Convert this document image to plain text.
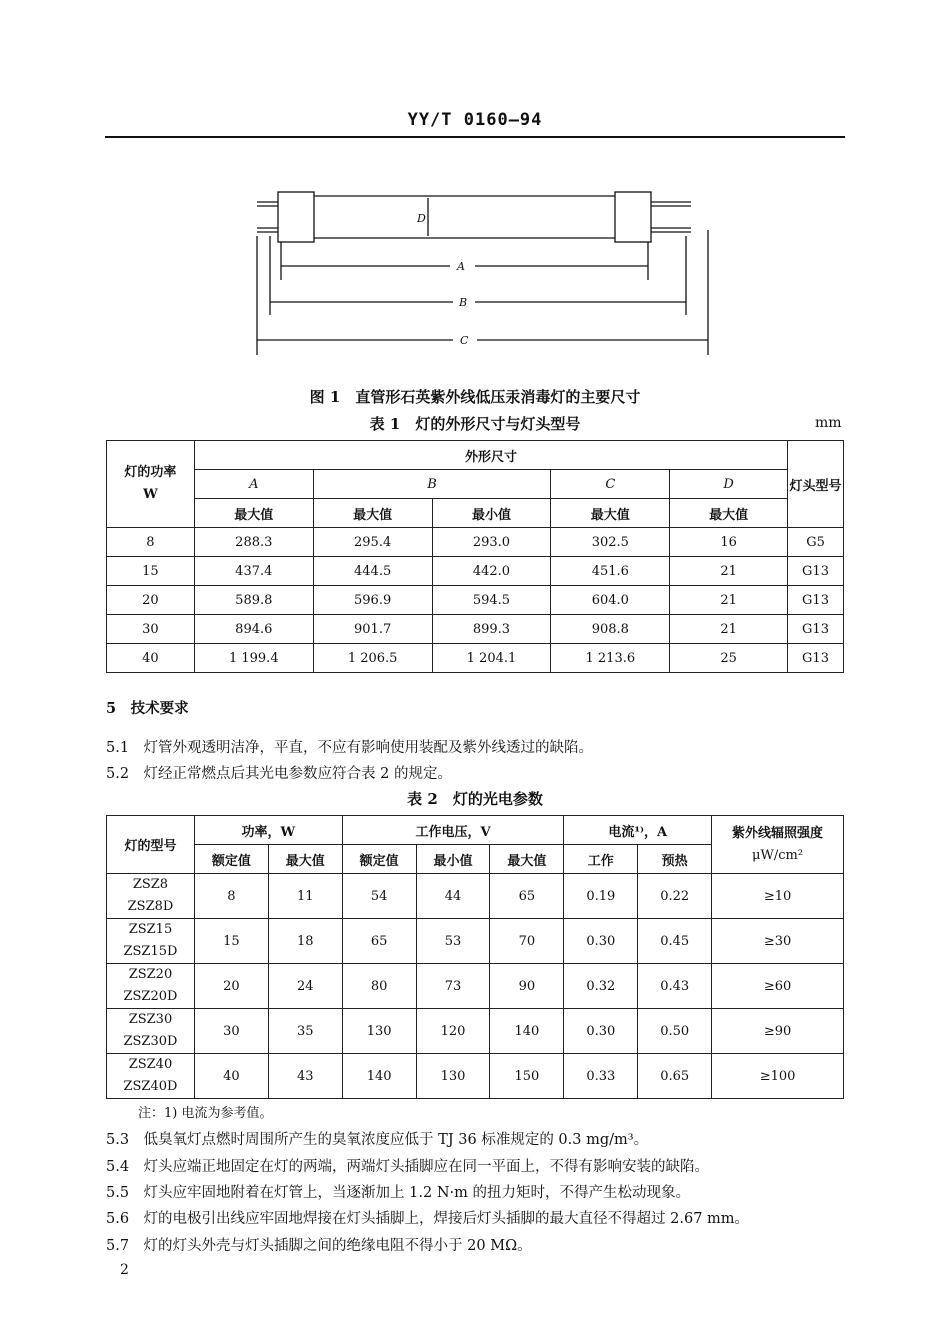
YY/T 0160—94
D
A
B
C
图 1　直管形石英紫外线低压汞消毒灯的主要尺寸
表 1　灯的外形尺寸与灯头型号	mm
灯的功率
W	外形尺寸					灯头型号
	A	B		C	D	
	最大值	最大值	最小值	最大值	最大值	
8	288.3	295.4	293.0	302.5	16	G5
15	437.4	444.5	442.0	451.6	21	G13
20	589.8	596.9	594.5	604.0	21	G13
30	894.6	901.7	899.3	908.8	21	G13
40	1 199.4	1 206.5	1 204.1	1 213.6	25	G13
5　技术要求
5.1　灯管外观透明洁净，平直，不应有影响使用装配及紫外线透过的缺陷。
5.2　灯经正常燃点后其光电参数应符合表 2 的规定。
表 2　灯的光电参数
灯的型号	功率，W		工作电压，V			电流¹⁾，A		紫外线辐照强度
μW/cm²

	额定值	最大值	额定值	最小值	最大值	工作	预热	

ZSZ8
ZSZ8D	8	11	54	44	65	0.19	0.22	≥10

ZSZ15
ZSZ15D	15	18	65	53	70	0.30	0.45	≥30

ZSZ20
ZSZ20D	20	24	80	73	90	0.32	0.43	≥60

ZSZ30
ZSZ30D	30	35	130	120	140	0.30	0.50	≥90

ZSZ40
ZSZ40D	40	43	140	130	150	0.33	0.65	≥100
注：1) 电流为参考值。
5.3　低臭氧灯点燃时周围所产生的臭氧浓度应低于 TJ 36 标准规定的 0.3 mg/m³。
5.4　灯头应端正地固定在灯的两端，两端灯头插脚应在同一平面上，不得有影响安装的缺陷。
5.5　灯头应牢固地附着在灯管上，当逐渐加上 1.2 N·m 的扭力矩时，不得产生松动现象。
5.6　灯的电极引出线应牢固地焊接在灯头插脚上，焊接后灯头插脚的最大直径不得超过 2.67 mm。
5.7　灯的灯头外壳与灯头插脚之间的绝缘电阻不得小于 20 MΩ。
2
